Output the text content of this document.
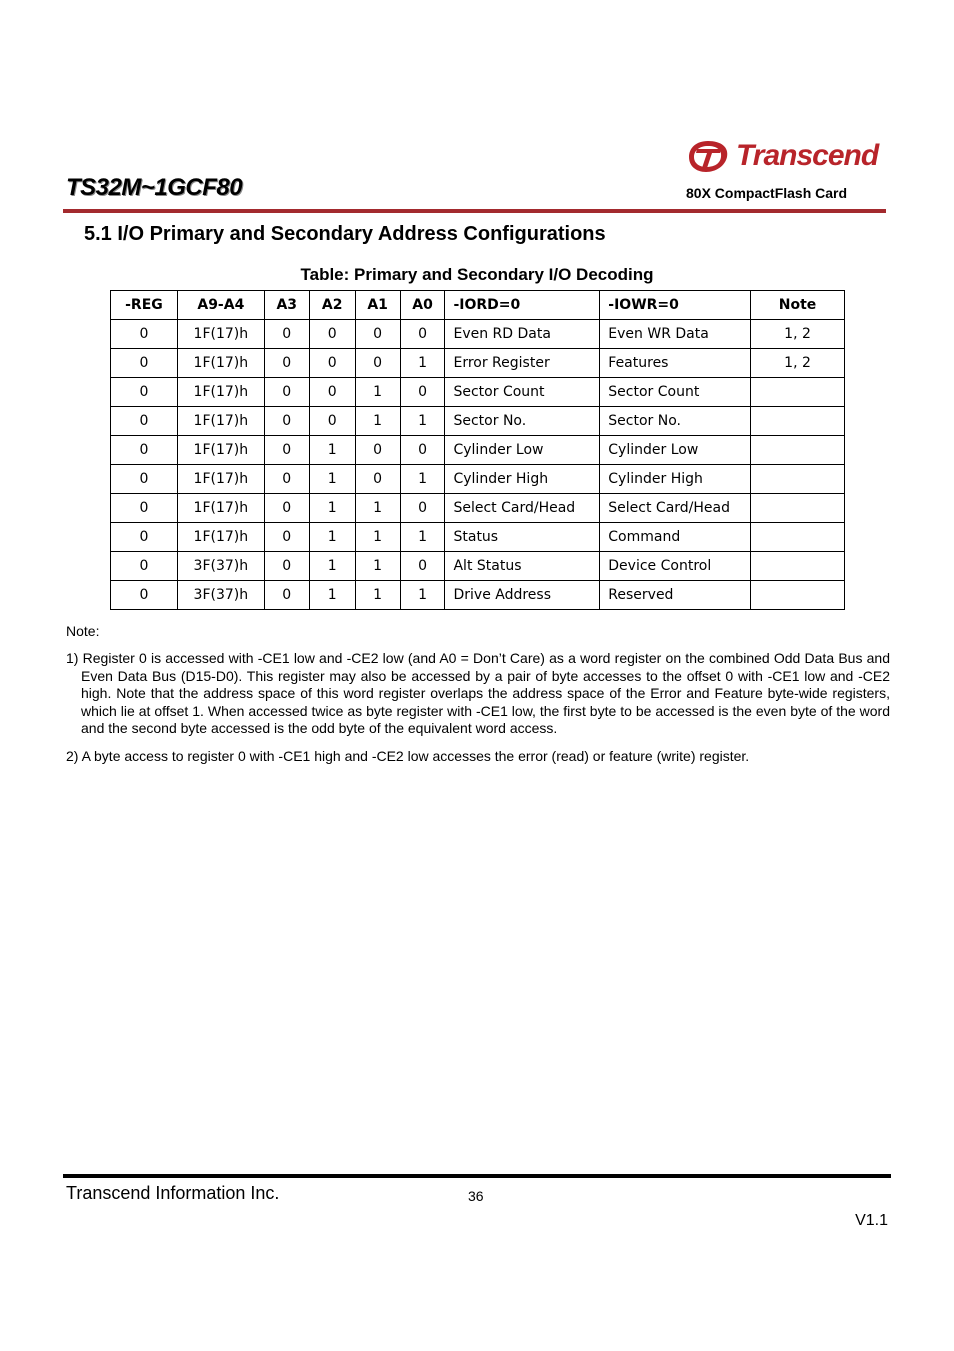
Transcend
TS32M~1GCF80	80X CompactFlash Card
5.1 I/O Primary and Secondary Address Configurations
Table: Primary and Secondary I/O Decoding
-REG	A9-A4	A3	A2	A1	A0	-IORD=0	-IOWR=0	Note
0	1F(17)h	0	0	0	0	Even RD Data	Even WR Data	1, 2
0	1F(17)h	0	0	0	1	Error Register	Features	1, 2
0	1F(17)h	0	0	1	0	Sector Count	Sector Count	
0	1F(17)h	0	0	1	1	Sector No.	Sector No.	
0	1F(17)h	0	1	0	0	Cylinder Low	Cylinder Low	
0	1F(17)h	0	1	0	1	Cylinder High	Cylinder High	
0	1F(17)h	0	1	1	0	Select Card/Head	Select Card/Head	
0	1F(17)h	0	1	1	1	Status	Command	
0	3F(37)h	0	1	1	0	Alt Status	Device Control	
0	3F(37)h	0	1	1	1	Drive Address	Reserved	
Note:
1) Register 0 is accessed with -CE1 low and -CE2 low (and A0 = Don’t Care) as a word register on the combined Odd Data Bus and Even Data Bus (D15-D0). This register may also be accessed by a pair of byte accesses to the offset 0 with -CE1 low and -CE2 high. Note that the address space of this word register overlaps the address space of the Error and Feature byte-wide registers, which lie at offset 1. When accessed twice as byte register with -CE1 low, the first byte to be accessed is the even byte of the word and the second byte accessed is the odd byte of the equivalent word access.
2) A byte access to register 0 with -CE1 high and -CE2 low accesses the error (read) or feature (write) register.
Transcend Information Inc.	36
V1.1
